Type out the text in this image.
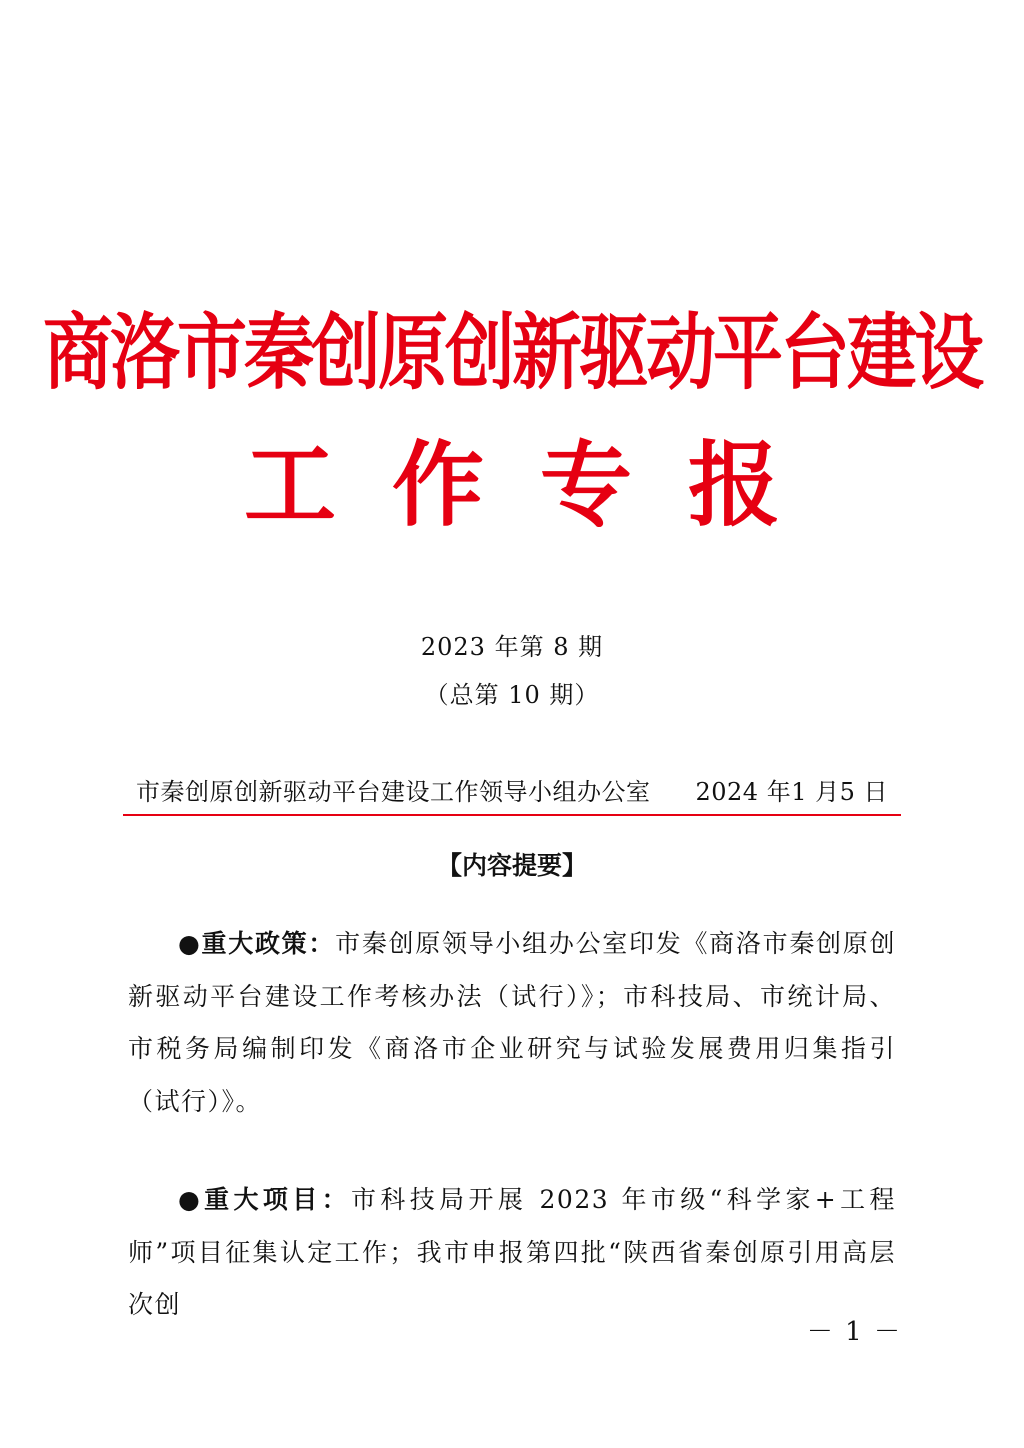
商洛市秦创原创新驱动平台建设
工作专报
2023 年第 8 期
（总第 10 期）
市秦创原创新驱动平台建设工作领导小组办公室 2024 年1 月5 日
【内容提要】
●重大政策：市秦创原领导小组办公室印发《商洛市秦创原创新驱动平台建设工作考核办法（试行）》；市科技局、市统计局、市税务局编制印发《商洛市企业研究与试验发展费用归集指引（试行）》。
●重大项目：市科技局开展 2023 年市级“科学家+工程师”项目征集认定工作；我市申报第四批“陕西省秦创原引用高层次创
－ 1 －
